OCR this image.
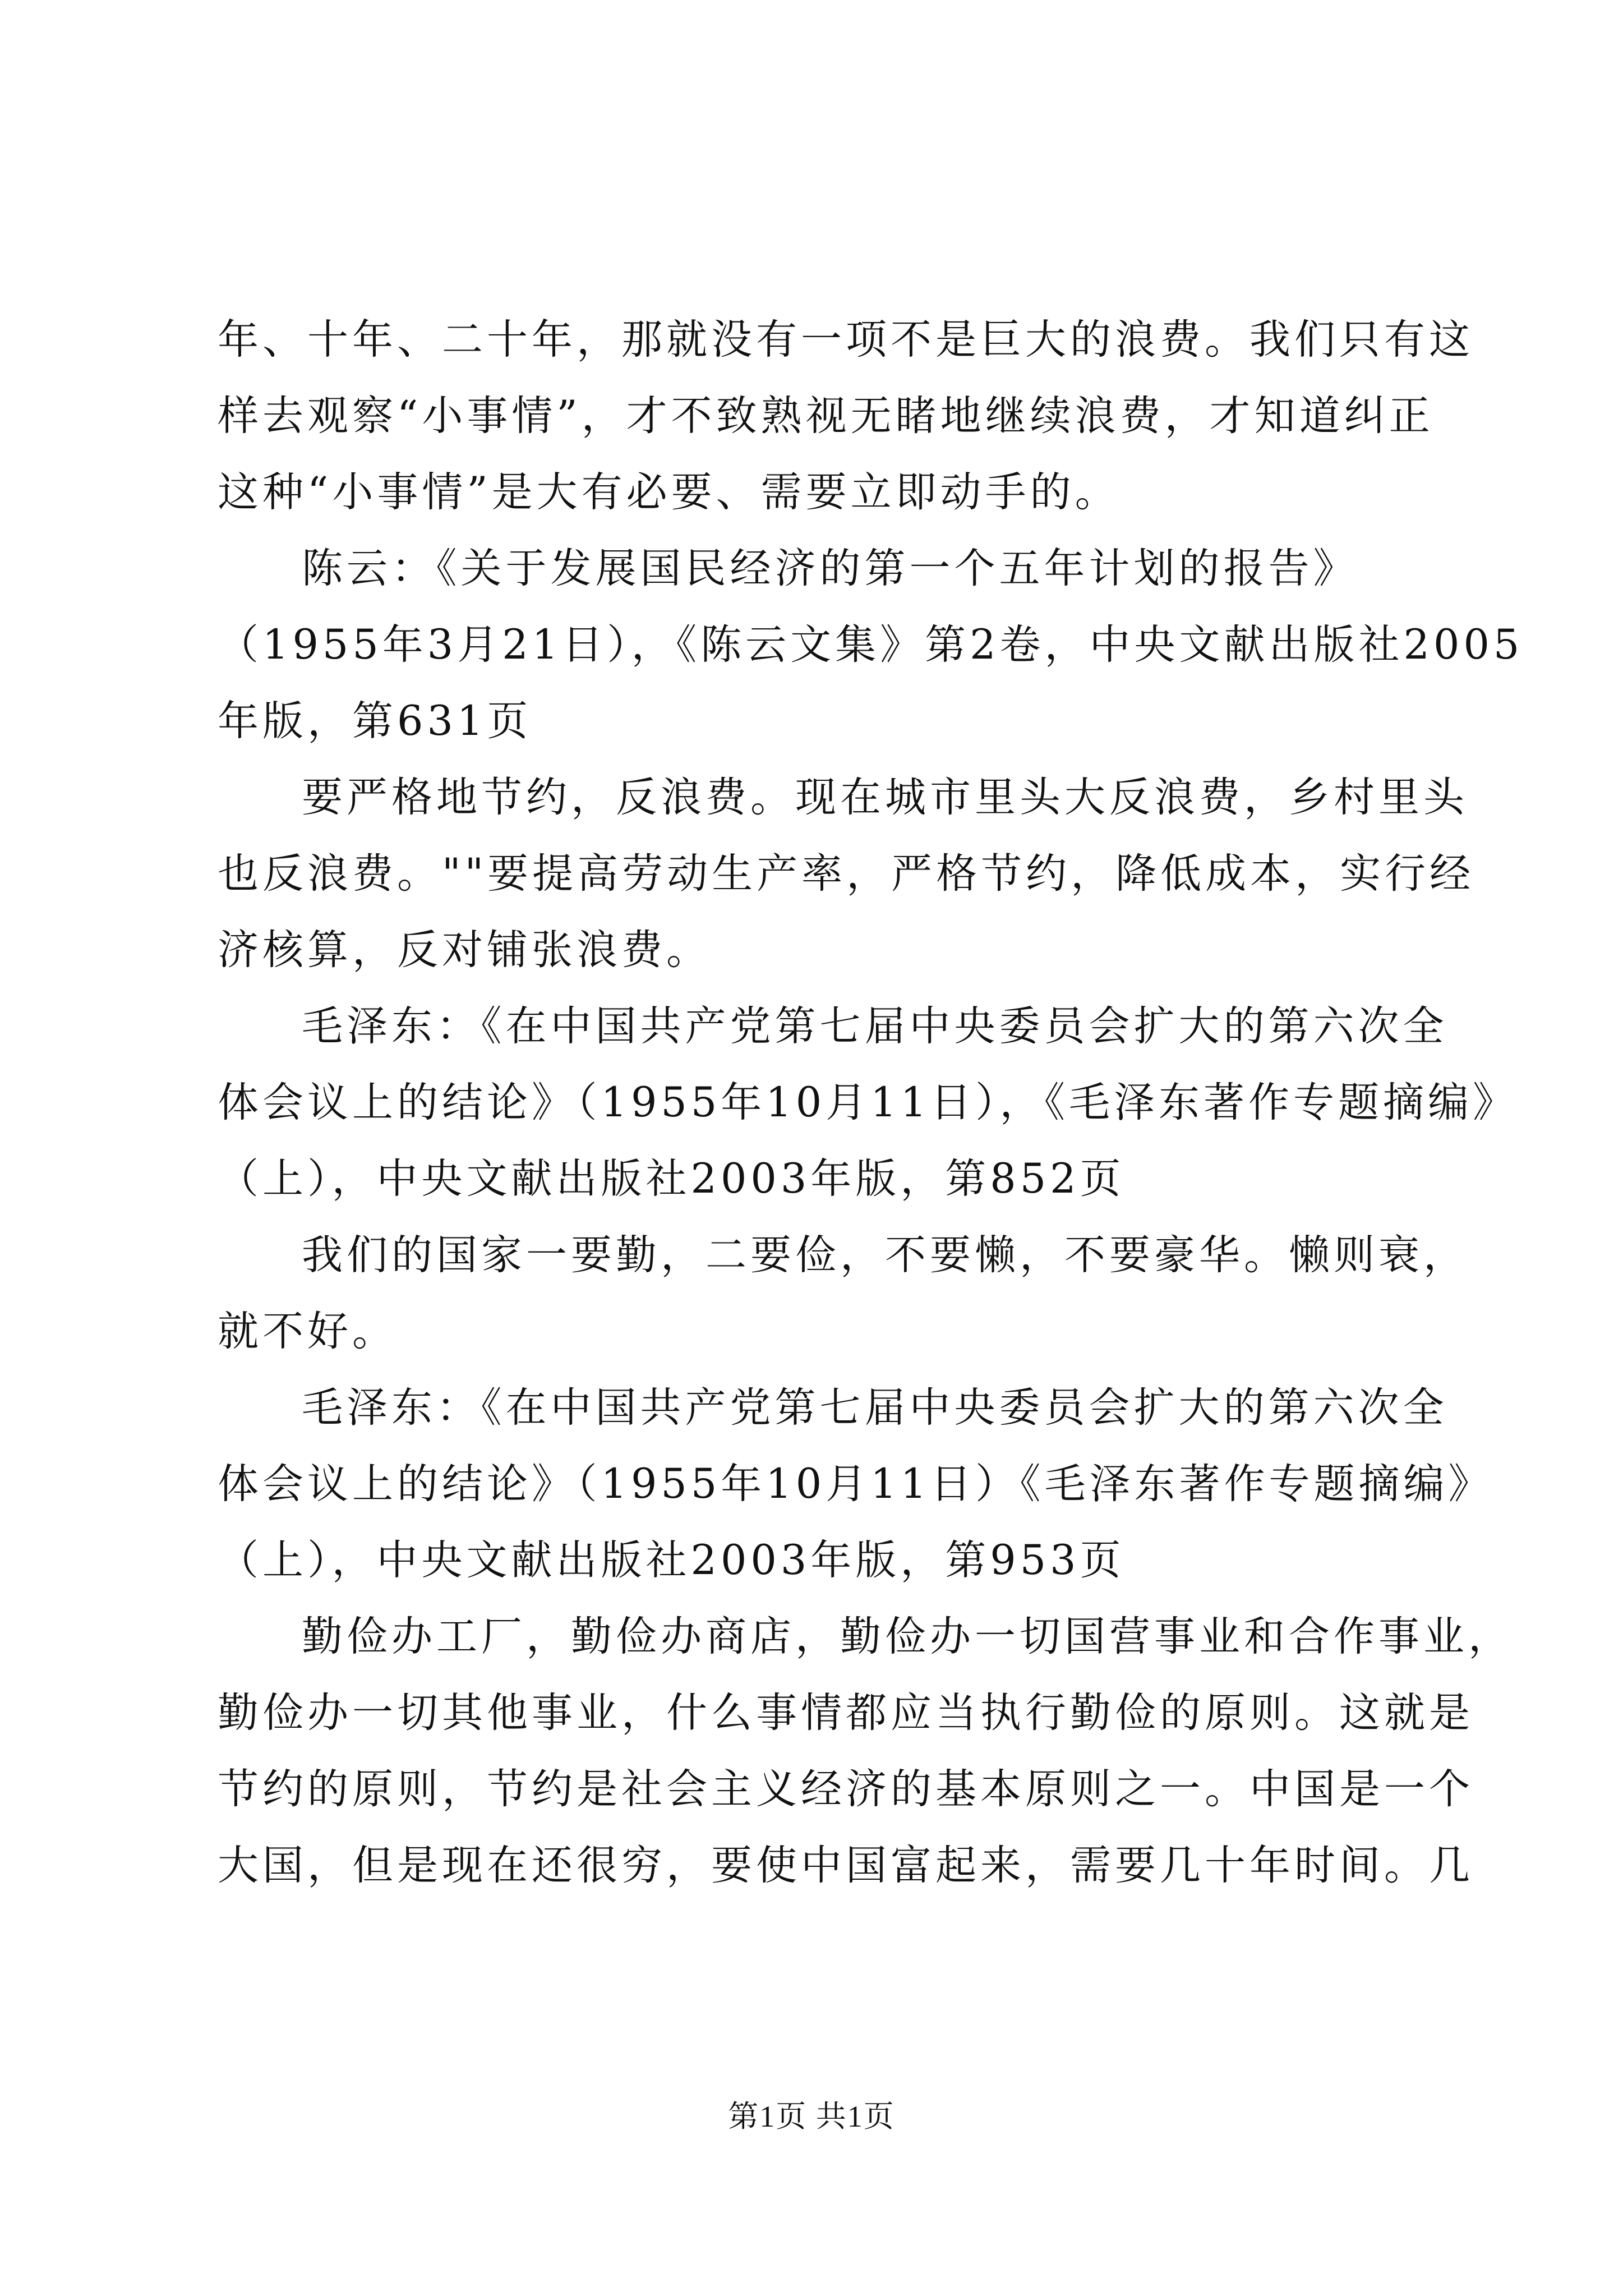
年、十年、二十年，那就没有一项不是巨大的浪费。我们只有这
样去观察“小事情”，才不致熟视无睹地继续浪费，才知道纠正
这种“小事情”是大有必要、需要立即动手的。
陈云：《关于发展国民经济的第一个五年计划的报告》
（1955年3月21日），《陈云文集》第2卷，中央文献出版社2005
年版，第631页
要严格地节约，反浪费。现在城市里头大反浪费，乡村里头
也反浪费。""要提高劳动生产率，严格节约，降低成本，实行经
济核算，反对铺张浪费。
毛泽东：《在中国共产党第七届中央委员会扩大的第六次全
体会议上的结论》（1955年10月11日），《毛泽东著作专题摘编》
（上），中央文献出版社2003年版，第852页
我们的国家一要勤，二要俭，不要懒，不要豪华。懒则衰，
就不好。
毛泽东：《在中国共产党第七届中央委员会扩大的第六次全
体会议上的结论》（1955年10月11日）《毛泽东著作专题摘编》
（上），中央文献出版社2003年版，第953页
勤俭办工厂，勤俭办商店，勤俭办一切国营事业和合作事业，
勤俭办一切其他事业，什么事情都应当执行勤俭的原则。这就是
节约的原则，节约是社会主义经济的基本原则之一。中国是一个
大国，但是现在还很穷，要使中国富起来，需要几十年时间。几
第1页 共1页
